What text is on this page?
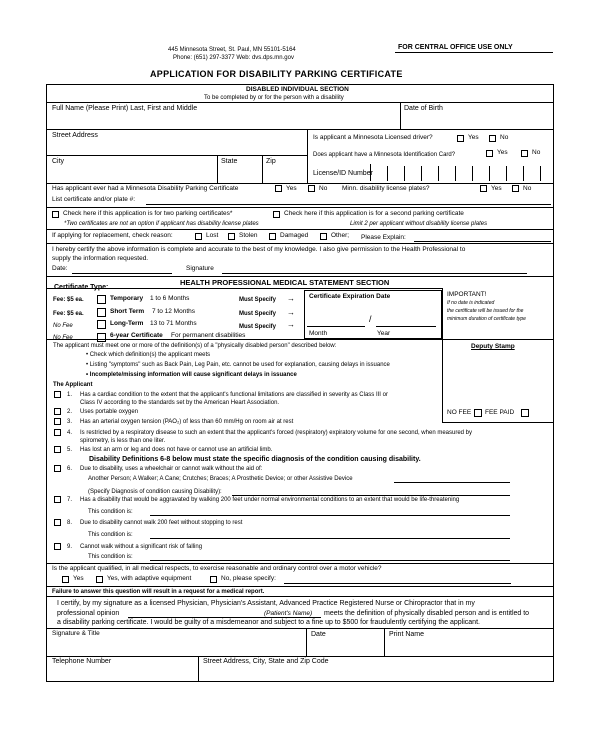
445 Minnesota Street, St. Paul, MN 55101-5164
Phone: (651) 297-3377 Web: dvs.dps.mn.gov
FOR CENTRAL OFFICE USE ONLY
APPLICATION FOR DISABILITY PARKING CERTIFICATE
DISABLED INDIVIDUAL SECTION
To be completed by or for the person with a disability
Full Name (Please Print) Last, First and Middle	Date of Birth
Street Address	Is applicant a Minnesota Licensed driver?	Yes	No
Does applicant have a Minnesota Identification Card?	Yes	No
City	State	Zip
License/ID Number
Has applicant ever had a Minnesota Disability Parking Certificate	Yes	No Minn. disability license plates?	Yes	No
List certificate and/or plate #:
Check here if this application is for two parking certificates*	Check here if this application is for a second parking certificate
*Two certificates are not an option if applicant has disability license plates	Limit 2 per applicant without disability license plates
If applying for replacement, check reason:	Lost	Stolen	Damaged	Other; Please Explain:
I hereby certify the above information is complete and accurate to the best of my knowledge. I also give permission to the Health Professional to
supply the information requested.
Date:	Signature
HEALTH PROFESSIONAL MEDICAL STATEMENT SECTION
Certificate Type:
Fee: $5 ea.	Temporary 1 to 6 Months	Must Specify →
Fee: $5 ea.	Short Term 7 to 12 Months	Must Specify →
No Fee	Long-Term 13 to 71 Months	Must Specify →
No Fee	6-year Certificate For permanent disabilities
Certificate Expiration Date
/
Month	Year
IMPORTANT!
If no date is indicated
the certificate will be issued for the
minimum duration of certificate type
Deputy Stamp
NO FEE FEE PAID
The applicant must meet one or more of the definition(s) of a "physically disabled person" described below:
• Check which definition(s) the applicant meets
• Listing "symptoms" such as Back Pain, Leg Pain, etc. cannot be used for explanation, causing delays in issuance
• Incomplete/missing information will cause significant delays in issuance
The Applicant
1. Has a cardiac condition to the extent that the applicant's functional limitations are classified in severity as Class III or
Class IV according to the standards set by the American Heart Association.
2. Uses portable oxygen
3. Has an arterial oxygen tension (PAO₂) of less than 60 mm/Hg on room air at rest
4. Is restricted by a respiratory disease to such an extent that the applicant's forced (respiratory) expiratory volume for one second, when measured by
spirometry, is less than one liter.
5. Has lost an arm or leg and does not have or cannot use an artificial limb.
Disability Definitions 6-8 below must state the specific diagnosis of the condition causing disability.
6. Due to disability, uses a wheelchair or cannot walk without the aid of:
Another Person; A Walker; A Cane; Crutches; Braces; A Prosthetic Device; or other Assistive Device
(Specify Diagnosis of condition causing Disability):
7. Has a disability that would be aggravated by walking 200 feet under normal environmental conditions to an extent that would be life-threatening
This condition is:
8. Due to disability cannot walk 200 feet without stopping to rest
This condition is:
9. Cannot walk without a significant risk of falling
This condition is:
Is the applicant qualified, in all medical respects, to exercise reasonable and ordinary control over a motor vehicle?
Yes	Yes, with adaptive equipment	No, please specify:
Failure to answer this question will result in a request for a medical report.
I certify, by my signature as a licensed Physician, Physician's Assistant, Advanced Practice Registered Nurse or Chiropractor that in my
professional opinion	(Patient's Name) meets the definition of physically disabled person and is entitled to
a disability parking certificate. I would be guilty of a misdemeanor and subject to a fine up to $500 for fraudulently certifying the applicant.
Signature & Title	Date	Print Name
Telephone Number	Street Address, City, State and Zip Code
